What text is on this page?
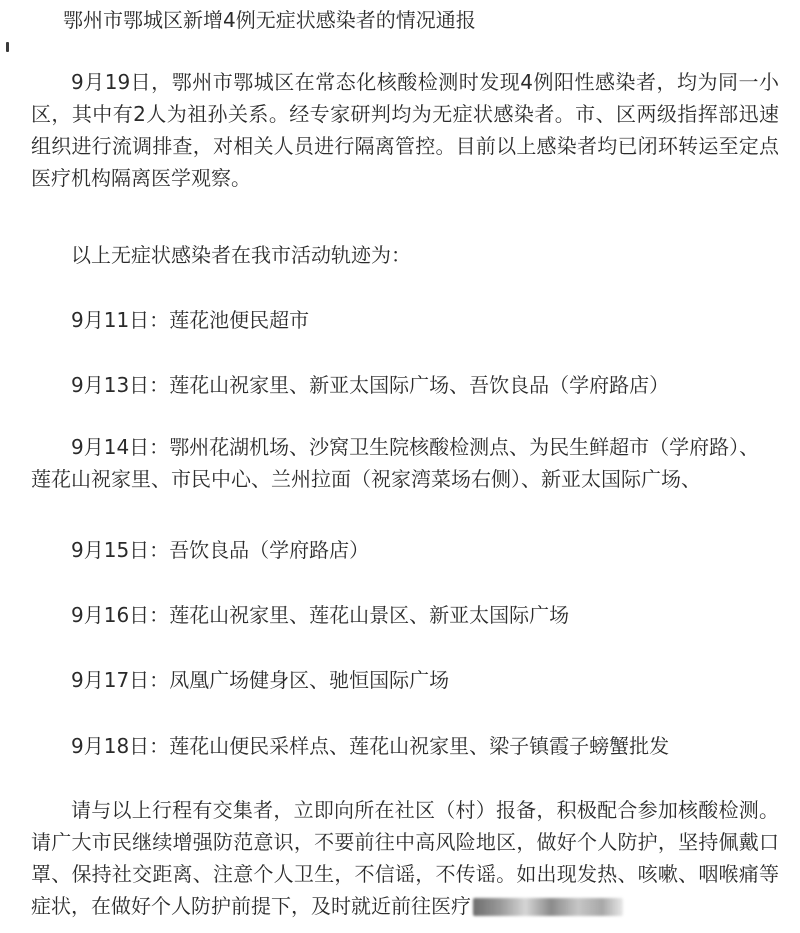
鄂州市鄂城区新增4例无症状感染者的情况通报
9月19日，鄂州市鄂城区在常态化核酸检测时发现4例阳性感染者，均为同一小区，其中有2人为祖孙关系。经专家研判均为无症状感染者。市、区两级指挥部迅速组织进行流调排查，对相关人员进行隔离管控。目前以上感染者均已闭环转运至定点医疗机构隔离医学观察。
以上无症状感染者在我市活动轨迹为：
9月11日：莲花池便民超市
9月13日：莲花山祝家里、新亚太国际广场、吾饮良品（学府路店）
9月14日：鄂州花湖机场、沙窝卫生院核酸检测点、为民生鲜超市（学府路）、莲花山祝家里、市民中心、兰州拉面（祝家湾菜场右侧）、新亚太国际广场、
9月15日：吾饮良品（学府路店）
9月16日：莲花山祝家里、莲花山景区、新亚太国际广场
9月17日：凤凰广场健身区、驰恒国际广场
9月18日：莲花山便民采样点、莲花山祝家里、梁子镇霞子螃蟹批发
请与以上行程有交集者，立即向所在社区（村）报备，积极配合参加核酸检测。请广大市民继续增强防范意识，不要前往中高风险地区，做好个人防护，坚持佩戴口罩、保持社交距离、注意个人卫生，不信谣，不传谣。如出现发热、咳嗽、咽喉痛等症状，在做好个人防护前提下，及时就近前往医疗
